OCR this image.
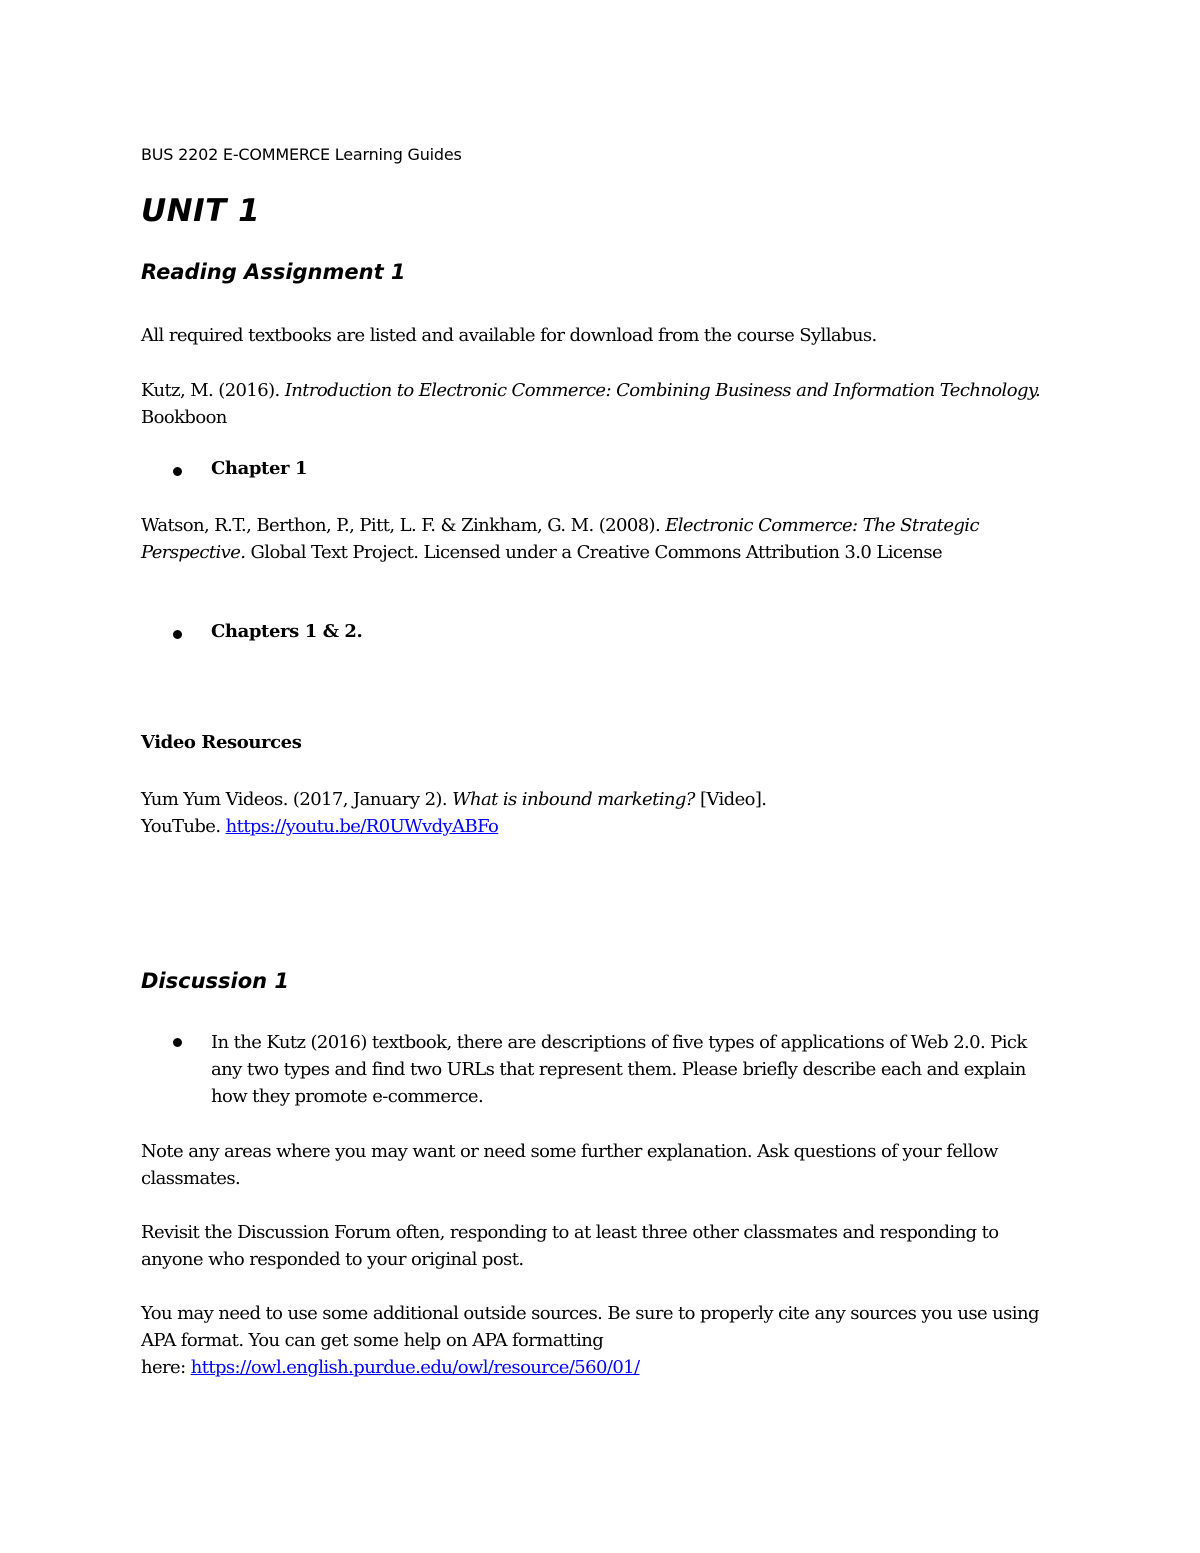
BUS 2202 E-COMMERCE Learning Guides

UNIT 1

Reading Assignment 1

All required textbooks are listed and available for download from the course Syllabus.

Kutz, M. (2016). Introduction to Electronic Commerce: Combining Business and Information Technology. Bookboon

Chapter 1

Watson, R.T., Berthon, P., Pitt, L. F. & Zinkham, G. M. (2008). Electronic Commerce: The Strategic Perspective. Global Text Project. Licensed under a Creative Commons Attribution 3.0 License

Chapters 1 & 2.

Video Resources

Yum Yum Videos. (2017, January 2). What is inbound marketing? [Video].
YouTube. https://youtu.be/R0UWvdyABFo

Discussion 1

In the Kutz (2016) textbook, there are descriptions of five types of applications of Web 2.0. Pick any two types and find two URLs that represent them. Please briefly describe each and explain how they promote e-commerce.

Note any areas where you may want or need some further explanation. Ask questions of your fellow classmates.

Revisit the Discussion Forum often, responding to at least three other classmates and responding to anyone who responded to your original post.

You may need to use some additional outside sources. Be sure to properly cite any sources you use using APA format. You can get some help on APA formatting
here: https://owl.english.purdue.edu/owl/resource/560/01/
